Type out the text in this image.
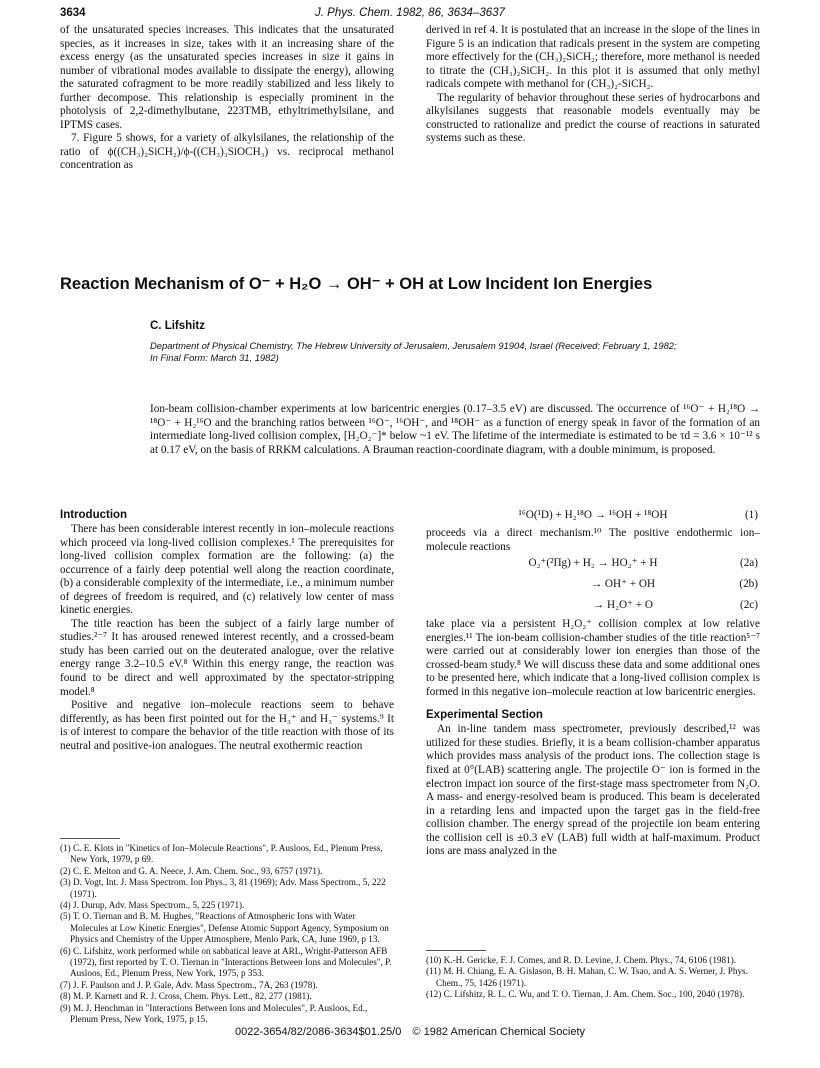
3634	J. Phys. Chem. 1982, 86, 3634–3637

of the unsaturated species increases. This indicates that the unsaturated species, as it increases in size, takes with it an increasing share of the excess energy (as the unsaturated species increases in size it gains in number of vibrational modes available to dissipate the energy), allowing the saturated cofragment to be more readily stabilized and less likely to further decompose. This relationship is especially prominent in the photolysis of 2,2-dimethylbutane, 223TMB, ethyltrimethylsilane, and IPTMS cases.

7. Figure 5 shows, for a variety of alkylsilanes, the relationship of the ratio of ϕ((CH₃)₂SiCH₂)/ϕ-((CH₃)₃SiOCH₃) vs. reciprocal methanol concentration as

derived in ref 4. It is postulated that an increase in the slope of the lines in Figure 5 is an indication that radicals present in the system are competing more effectively for the (CH₃)₂SiCH₂; therefore, more methanol is needed to titrate the (CH₃)₂SiCH₂. In this plot it is assumed that only methyl radicals compete with methanol for (CH₃)₂-SiCH₂.

The regularity of behavior throughout these series of hydrocarbons and alkylsilanes suggests that reasonable models eventually may be constructed to rationalize and predict the course of reactions in saturated systems such as these.

Reaction Mechanism of O⁻ + H₂O → OH⁻ + OH at Low Incident Ion Energies
C. Lifshitz

Department of Physical Chemistry, The Hebrew University of Jerusalem, Jerusalem 91904, Israel (Received: February 1, 1982;

In Final Form: March 31, 1982)

Ion-beam collision-chamber experiments at low baricentric energies (0.17–3.5 eV) are discussed. The occurrence of ¹⁶O⁻ + H₂¹⁸O → ¹⁸O⁻ + H₂¹⁶O and the branching ratios between ¹⁶O⁻, ¹⁶OH⁻, and ¹⁸OH⁻ as a function of energy speak in favor of the formation of an intermediate long-lived collision complex, [H₂O₂⁻]* below ~1 eV. The lifetime of the intermediate is estimated to be τd = 3.6 × 10⁻¹² s at 0.17 eV, on the basis of RRKM calculations. A Brauman reaction-coordinate diagram, with a double minimum, is proposed.

Introduction

There has been considerable interest recently in ion–molecule reactions which proceed via long-lived collision complexes.¹ The prerequisites for long-lived collision complex formation are the following: (a) the occurrence of a fairly deep potential well along the reaction coordinate, (b) a considerable complexity of the intermediate, i.e., a minimum number of degrees of freedom is required, and (c) relatively low center of mass kinetic energies.

The title reaction has been the subject of a fairly large number of studies.²⁻⁷ It has aroused renewed interest recently, and a crossed-beam study has been carried out on the deuterated analogue, over the relative energy range 3.2–10.5 eV.⁸ Within this energy range, the reaction was found to be direct and well approximated by the spectator-stripping model.⁸

Positive and negative ion–molecule reactions seem to behave differently, as has been first pointed out for the H₃⁺ and H₃⁻ systems.⁹ It is of interest to compare the behavior of the title reaction with those of its neutral and positive-ion analogues. The neutral exothermic reaction

¹⁶O(¹D) + H₂¹⁸O → ¹⁶OH + ¹⁸OH	(1)

proceeds via a direct mechanism.¹⁰ The positive endothermic ion–molecule reactions

O₂⁺(²Πg) + H₂ → HO₂⁺ + H	(2a)
→ OH⁺ + OH	(2b)
→ H₂O⁺ + O	(2c)

take place via a persistent H₂O₂⁺ collision complex at low relative energies.¹¹ The ion-beam collision-chamber studies of the title reaction⁵⁻⁷ were carried out at considerably lower ion energies than those of the crossed-beam study.⁸ We will discuss these data and some additional ones to be presented here, which indicate that a long-lived collision complex is formed in this negative ion–molecule reaction at low baricentric energies.

Experimental Section

An in-line tandem mass spectrometer, previously described,¹² was utilized for these studies. Briefly, it is a beam collision-chamber apparatus which provides mass analysis of the product ions. The collection stage is fixed at 0°(LAB) scattering angle. The projectile O⁻ ion is formed in the electron impact ion source of the first-stage mass spectrometer from N₂O. A mass- and energy-resolved beam is produced. This beam is decelerated in a retarding lens and impacted upon the target gas in the field-free collision chamber. The energy spread of the projectile ion beam entering the collision cell is ±0.3 eV (LAB) full width at half-maximum. Product ions are mass analyzed in the

(1) C. E. Klots in "Kinetics of Ion–Molecule Reactions", P. Ausloos, Ed., Plenum Press, New York, 1979, p 69.

(2) C. E. Melton and G. A. Neece, J. Am. Chem. Soc., 93, 6757 (1971).

(3) D. Vogt, Int. J. Mass Spectrom. Ion Phys., 3, 81 (1969); Adv. Mass Spectrom., 5, 222 (1971).

(4) J. Durup, Adv. Mass Spectrom., 5, 225 (1971).

(5) T. O. Tiernan and B. M. Hughes, "Reactions of Atmospheric Ions with Water Molecules at Low Kinetic Energies", Defense Atomic Support Agency, Symposium on Physics and Chemistry of the Upper Atmosphere, Menlo Park, CA, June 1969, p 13.

(6) C. Lifshitz, work performed while on sabbatical leave at ARL, Wright-Patterson AFB (1972), first reported by T. O. Tiernan in "Interactions Between Ions and Molecules", P. Ausloos, Ed., Plenum Press, New York, 1975, p 353.

(7) J. F. Paulson and J. P. Gale, Adv. Mass Spectrom., 7A, 263 (1978).

(8) M. P. Karnett and R. J. Cross, Chem. Phys. Lett., 82, 277 (1981).

(9) M. J. Henchman in "Interactions Between Ions and Molecules", P. Ausloos, Ed., Plenum Press, New York, 1975, p 15.

(10) K.-H. Gericke, F. J. Comes, and R. D. Levine, J. Chem. Phys., 74, 6106 (1981).

(11) M. H. Chiang, E. A. Gislason, B. H. Mahan, C. W. Tsao, and A. S. Werner, J. Phys. Chem., 75, 1426 (1971).

(12) C. Lifshitz, R. L. C. Wu, and T. O. Tiernan, J. Am. Chem. Soc., 100, 2040 (1978).

0022-3654/82/2086-3634$01.25/0 © 1982 American Chemical Society
